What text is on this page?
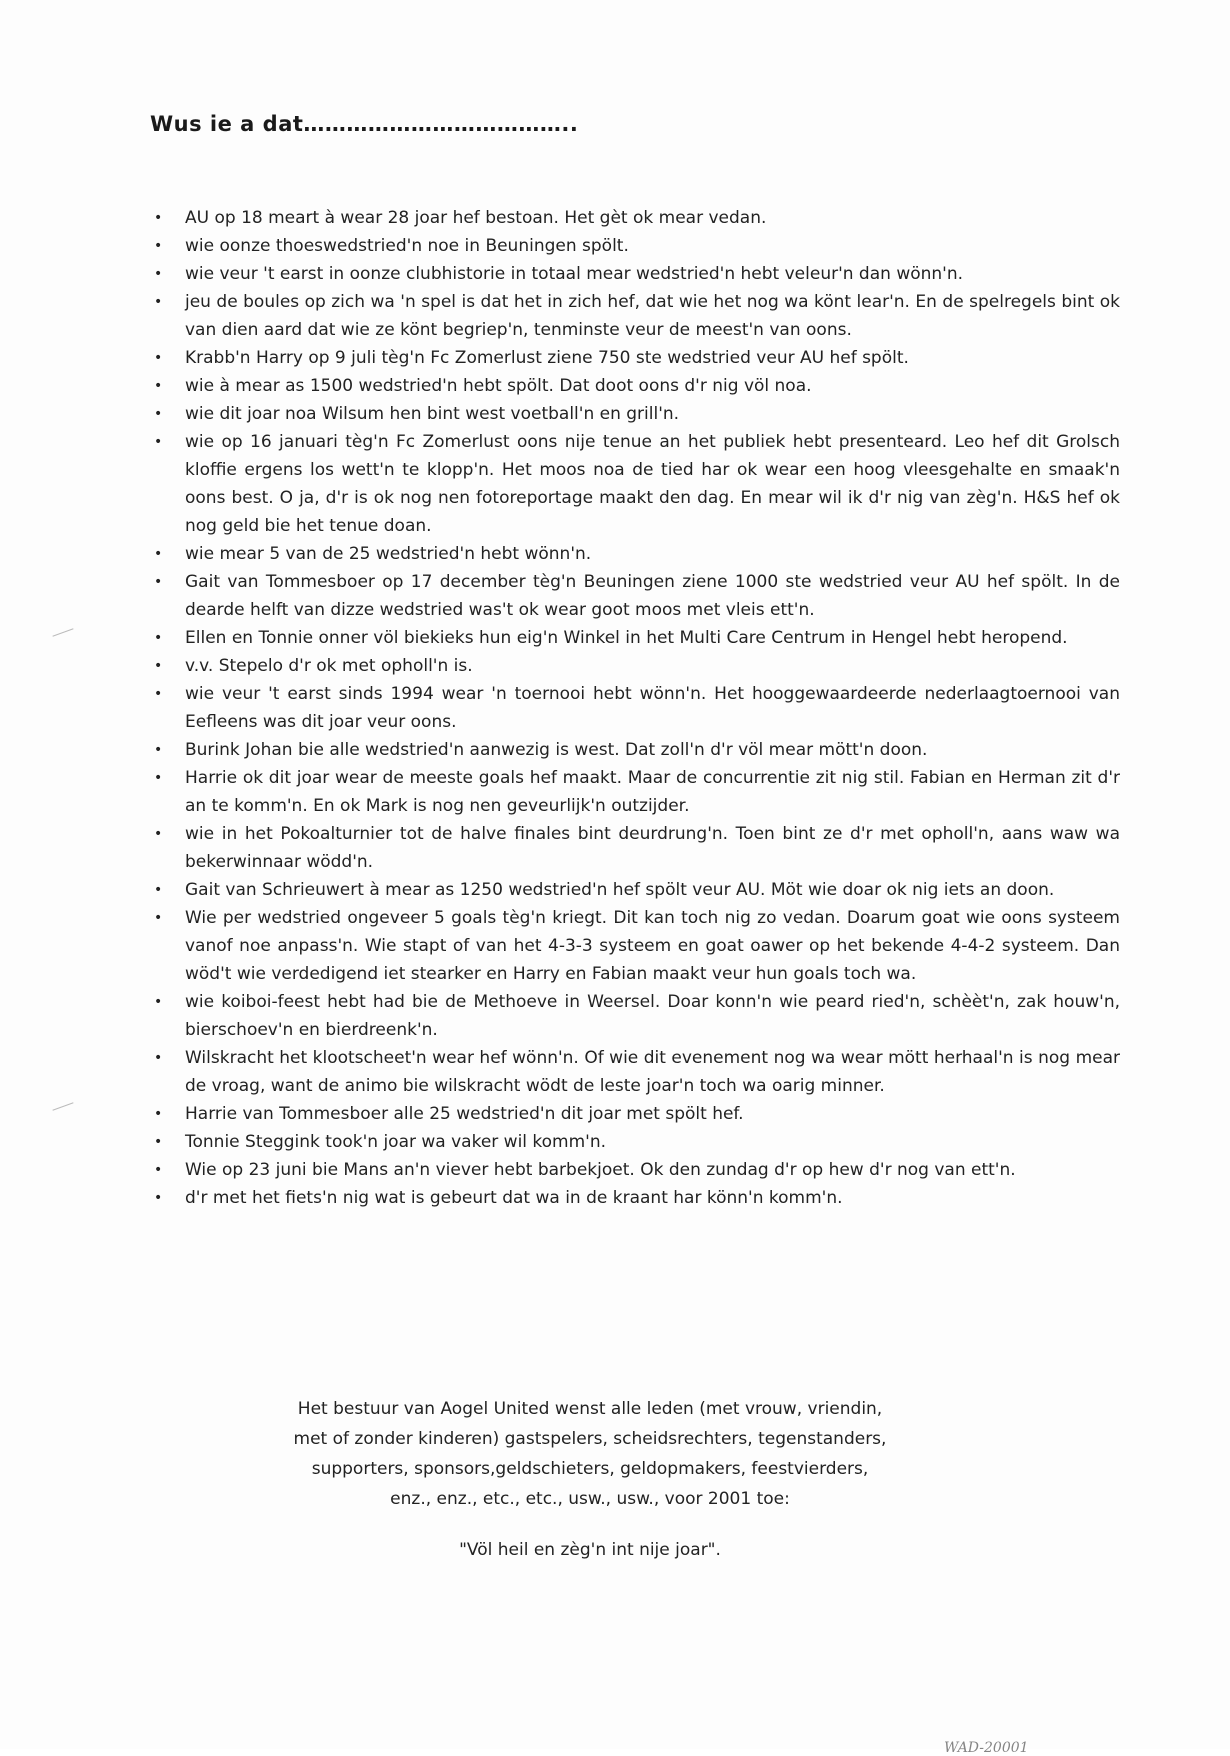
Wus ie a dat………………………………..
• AU op 18 meart à wear 28 joar hef bestoan. Het gèt ok mear vedan.
• wie oonze thoeswedstried'n noe in Beuningen spölt.
• wie veur 't earst in oonze clubhistorie in totaal mear wedstried'n hebt veleur'n dan wönn'n.
• jeu de boules op zich wa 'n spel is dat het in zich hef, dat wie het nog wa könt lear'n. En de spelregels bint ok van dien aard dat wie ze könt begriep'n, tenminste veur de meest'n van oons.
• Krabb'n Harry op 9 juli tèg'n Fc Zomerlust ziene 750 ste wedstried veur AU hef spölt.
• wie à mear as 1500 wedstried'n hebt spölt. Dat doot oons d'r nig völ noa.
• wie dit joar noa Wilsum hen bint west voetball'n en grill'n.
• wie op 16 januari tèg'n Fc Zomerlust oons nije tenue an het publiek hebt presenteard. Leo hef dit Grolsch kloffie ergens los wett'n te klopp'n. Het moos noa de tied har ok wear een hoog vleesgehalte en smaak'n oons best. O ja, d'r is ok nog nen fotoreportage maakt den dag. En mear wil ik d'r nig van zèg'n. H&S hef ok nog geld bie het tenue doan.
• wie mear 5 van de 25 wedstried'n hebt wönn'n.
• Gait van Tommesboer op 17 december tèg'n Beuningen ziene 1000 ste wedstried veur AU hef spölt. In de dearde helft van dizze wedstried was't ok wear goot moos met vleis ett'n.
• Ellen en Tonnie onner völ biekieks hun eig'n Winkel in het Multi Care Centrum in Hengel hebt heropend.
• v.v. Stepelo d'r ok met opholl'n is.
• wie veur 't earst sinds 1994 wear 'n toernooi hebt wönn'n. Het hooggewaardeerde nederlaagtoernooi van Eefleens was dit joar veur oons.
• Burink Johan bie alle wedstried'n aanwezig is west. Dat zoll'n d'r völ mear mött'n doon.
• Harrie ok dit joar wear de meeste goals hef maakt. Maar de concurrentie zit nig stil. Fabian en Herman zit d'r an te komm'n. En ok Mark is nog nen geveurlijk'n outzijder.
• wie in het Pokoalturnier tot de halve finales bint deurdrung'n. Toen bint ze d'r met opholl'n, aans waw wa bekerwinnaar wödd'n.
• Gait van Schrieuwert à mear as 1250 wedstried'n hef spölt veur AU. Möt wie doar ok nig iets an doon.
• Wie per wedstried ongeveer 5 goals tèg'n kriegt. Dit kan toch nig zo vedan. Doarum goat wie oons systeem vanof noe anpass'n. Wie stapt of van het 4-3-3 systeem en goat oawer op het bekende 4-4-2 systeem. Dan wöd't wie verdedigend iet stearker en Harry en Fabian maakt veur hun goals toch wa.
• wie koiboi-feest hebt had bie de Methoeve in Weersel. Doar konn'n wie peard ried'n, schèèt'n, zak houw'n, bierschoev'n en bierdreenk'n.
• Wilskracht het klootscheet'n wear hef wönn'n. Of wie dit evenement nog wa wear mött herhaal'n is nog mear de vroag, want de animo bie wilskracht wödt de leste joar'n toch wa oarig minner.
• Harrie van Tommesboer alle 25 wedstried'n dit joar met spölt hef.
• Tonnie Steggink took'n joar wa vaker wil komm'n.
• Wie op 23 juni bie Mans an'n viever hebt barbekjoet. Ok den zundag d'r op hew d'r nog van ett'n.
• d'r met het fiets'n nig wat is gebeurt dat wa in de kraant har könn'n komm'n.

Het bestuur van Aogel United wenst alle leden (met vrouw, vriendin,

met of zonder kinderen) gastspelers, scheidsrechters, tegenstanders,

supporters, sponsors,geldschieters, geldopmakers, feestvierders,

enz., enz., etc., etc., usw., usw., voor 2001 toe:

"Völ heil en zèg'n int nije joar".
WAD-20001
